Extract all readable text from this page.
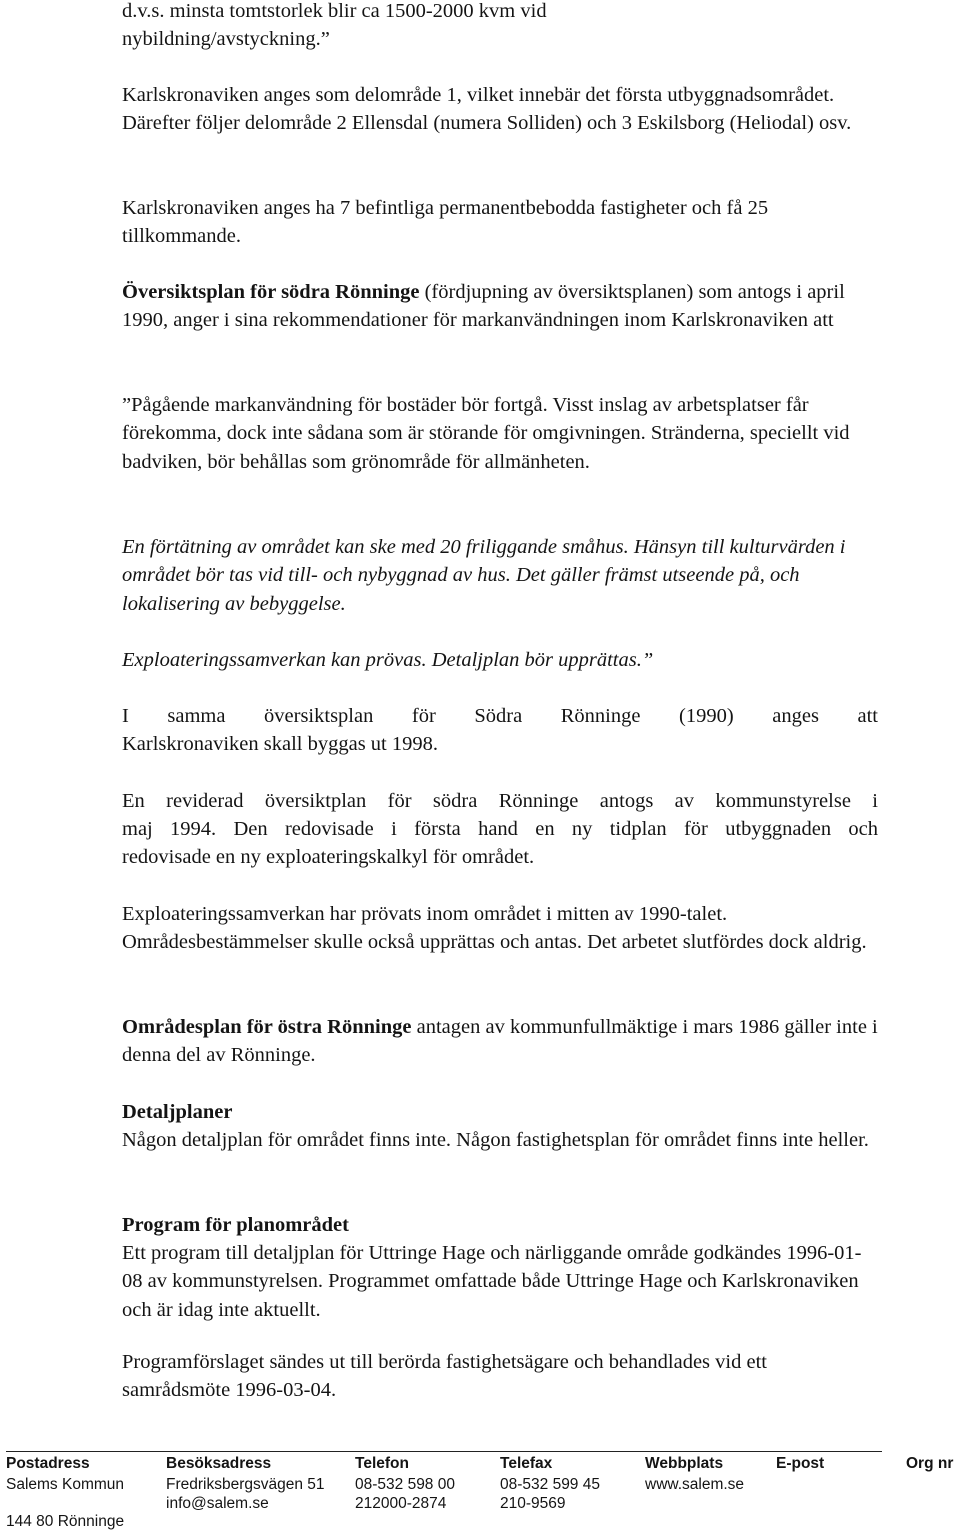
d.v.s. minsta tomtstorlek blir ca 1500-2000 kvm vid

nybildning/avstyckning.”

Karlskronaviken anges som delområde 1, vilket innebär det första utbyggnadsområdet. Därefter följer delområde 2 Ellensdal (numera Solliden) och 3 Eskilsborg (Heliodal) osv.

Karlskronaviken anges ha 7 befintliga permanentbebodda fastigheter och få 25 tillkommande.

Översiktsplan för södra Rönninge (fördjupning av översiktsplanen) som antogs i april 1990, anger i sina rekommendationer för markanvändningen inom Karlskronaviken att

”Pågående markanvändning för bostäder bör fortgå. Visst inslag av arbetsplatser får förekomma, dock inte sådana som är störande för omgivningen. Stränderna, speciellt vid badviken, bör behållas som grönområde för allmänheten.

En förtätning av området kan ske med 20 friliggande småhus. Hänsyn till kulturvärden i området bör tas vid till- och nybyggnad av hus. Det gäller främst utseende på, och lokalisering av bebyggelse.

Exploateringssamverkan kan prövas. Detaljplan bör upprättas.”

I samma översiktsplan för Södra Rönninge (1990) anges att

Karlskronaviken skall byggas ut 1998.

En reviderad översiktplan för södra Rönninge antogs av kommunstyrelse i

maj 1994. Den redovisade i första hand en ny tidplan för utbyggnaden och

redovisade en ny exploateringskalkyl för området.

Exploateringssamverkan har prövats inom området i mitten av 1990-talet. Områdesbestämmelser skulle också upprättas och antas. Det arbetet slutfördes dock aldrig.

Områdesplan för östra Rönninge antagen av kommunfullmäktige i mars 1986 gäller inte i denna del av Rönninge.

Detaljplaner

Någon detaljplan för området finns inte. Någon fastighetsplan för området finns inte heller.

Program för planområdet

Ett program till detaljplan för Uttringe Hage och närliggande område godkändes 1996-01-08 av kommunstyrelsen. Programmet omfattade både Uttringe Hage och Karlskronaviken och är idag inte aktuellt.

Programförslaget sändes ut till berörda fastighetsägare och behandlades vid ett samrådsmöte 1996-03-04.

Postadress
Salems Kommun
144 80 Rönninge
Besöksadress
Fredriksbergsvägen 51
info@salem.se
Telefon
08-532 598 00
212000-2874
Telefax
08-532 599 45
210-9569
Webbplats
www.salem.se
E-post	Org nr
